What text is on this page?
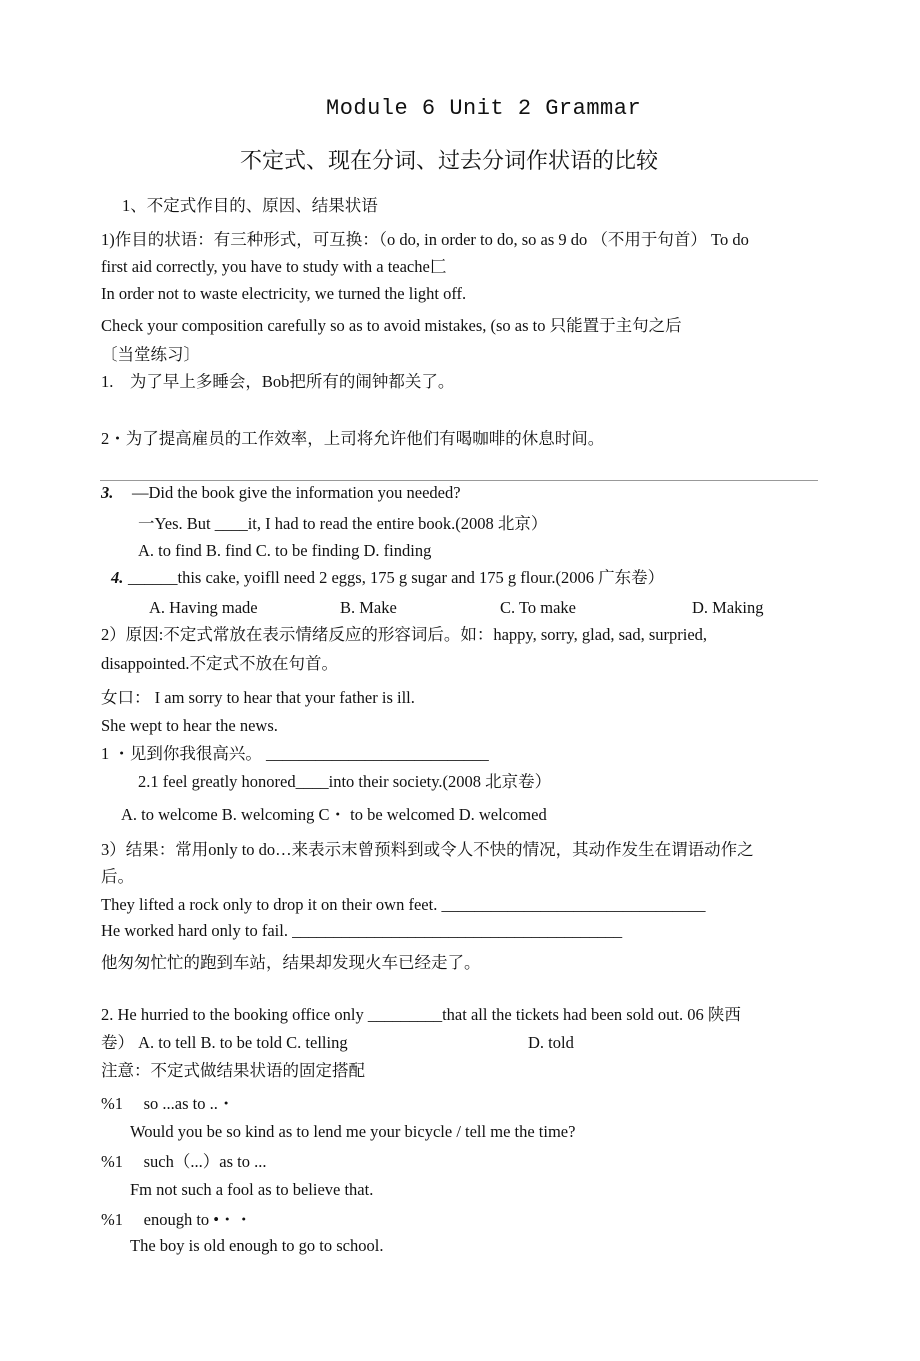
Module 6 Unit 2 Grammar
不定式、现在分词、过去分词作状语的比较
1、不定式作目的、原因、结果状语
1)作目的状语：有三种形式，可互换：（o do, in order to do, so as 9 do （不用于句首） To do
first aid correctly, you have to study with a teache匚
In order not to waste electricity, we turned the light off.
Check your composition carefully so as to avoid mistakes, (so as to 只能置于主句之后
〔当堂练习〕
1.　为了早上多睡会，Bob把所有的闹钟都关了。
2・为了提高雇员的工作效率，上司将允许他们有喝咖啡的休息时间。
3. —Did the book give the information you needed?
一Yes. But ____it, I had to read the entire book.(2008 北京）
A. to find B. find C. to be finding D. finding
4. ______this cake, yoifll need 2 eggs, 175 g sugar and 175 g flour.(2006 广东卷）
A. Having made	B. Make	C. To make	D. Making
2）原因:不定式常放在表示情绪反应的形容词后。如：happy, sorry, glad, sad, surpried,
disappointed.不定式不放在句首。
女口： I am sorry to hear that your father is ill.
She wept to hear the news.
1 ・见到你我很高兴。 ___________________________
2.1 feel greatly honored____into their society.(2008 北京卷）
A. to welcome B. welcoming C・ to be welcomed D. welcomed
3）结果：常用only to do…来表示末曾预料到或令人不快的情况，其动作发生在谓语动作之
后。
They lifted a rock only to drop it on their own feet. ________________________________
He worked hard only to fail. ________________________________________
他匆匆忙忙的跑到车站，结果却发现火车已经走了。
2. He hurried to the booking office only _________that all the tickets had been sold out. 06 陕西
卷） A. to tell B. to be told C. telling	D. told
注意：不定式做结果状语的固定搭配
%1　 so ...as to ..・
Would you be so kind as to lend me your bicycle / tell me the time?
%1　 such（...）as to ...
Fm not such a fool as to believe that.
%1　 enough to •・・
The boy is old enough to go to school.
